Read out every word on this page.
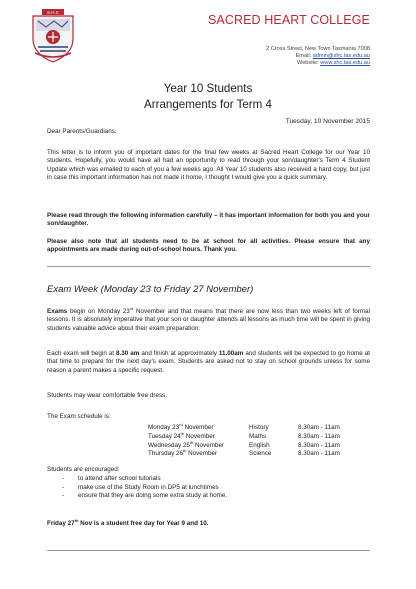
S.H.C
SACRED HEART COLLEGE
2 Cross Street, New Town Tasmania 7008
Email: admin@shc.tas.edu.au
Website: www.shc.tas.edu.au
Year 10 Students
Arrangements for Term 4
Tuesday, 10 November 2015
Dear Parents/Guardians,
This letter is to inform you of important dates for the final few weeks at Sacred Heart College for our Year 10 students. Hopefully, you would have all had an opportunity to read through your son/daughter's Term 4 Student Update which was emailed to each of you a few weeks ago. All Year 10 students also received a hard copy, but just in case this important information has not made it home, I thought I would give you a quick summary.
Please read through the following information carefully – it has important information for both you and your son/daughter.
Please also note that all students need to be at school for all activities. Please ensure that any appointments are made during out-of-school hours. Thank you.
Exam Week (Monday 23 to Friday 27 November)
Exams begin on Monday 23rd November and that means that there are now less than two weeks left of formal lessons. It is absolutely imperative that your son or daughter attends all lessons as much time will be spent in giving students valuable advice about their exam preparation.
Each exam will begin at 8.30 am and finish at approximately 11.00am and students will be expected to go home at that time to prepare for the next day's exam. Students are asked not to stay on school grounds unless for some reason a parent makes a specific request.
Students may wear comfortable free dress.
The Exam schedule is:
Monday 23rd November	History	8.30am - 11am
Tuesday 24th November	Maths	8.30am - 11am
Wednesday 25th November	English	8.30am - 11am
Thursday 26th November	Science	8.30am - 11am
Students are encouraged:
- to attend after school tutorials
- make use of the Study Room in DP5 at lunchtimes
- ensure that they are doing some extra study at home.
Friday 27th Nov is a student free day for Year 9 and 10.
